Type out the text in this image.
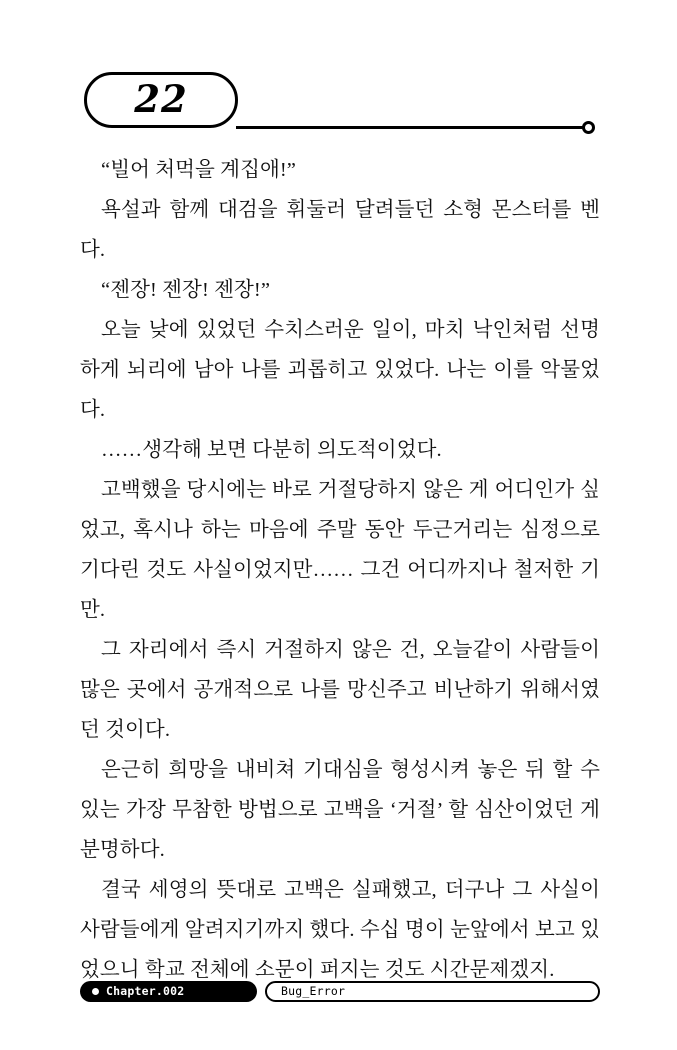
22

“빌어 처먹을 계집애!”

욕설과 함께 대검을 휘둘러 달려들던 소형 몬스터를 벤다.

“젠장! 젠장! 젠장!”

오늘 낮에 있었던 수치스러운 일이, 마치 낙인처럼 선명하게 뇌리에 남아 나를 괴롭히고 있었다. 나는 이를 악물었다.

……생각해 보면 다분히 의도적이었다.

고백했을 당시에는 바로 거절당하지 않은 게 어디인가 싶었고, 혹시나 하는 마음에 주말 동안 두근거리는 심정으로 기다린 것도 사실이었지만…… 그건 어디까지나 철저한 기만.

그 자리에서 즉시 거절하지 않은 건, 오늘같이 사람들이 많은 곳에서 공개적으로 나를 망신주고 비난하기 위해서였던 것이다.

은근히 희망을 내비쳐 기대심을 형성시켜 놓은 뒤 할 수 있는 가장 무참한 방법으로 고백을 ‘거절’ 할 심산이었던 게 분명하다.

결국 세영의 뜻대로 고백은 실패했고, 더구나 그 사실이 사람들에게 알려지기까지 했다. 수십 명이 눈앞에서 보고 있었으니 학교 전체에 소문이 퍼지는 것도 시간문제겠지.

Chapter.002	Bug_Error
